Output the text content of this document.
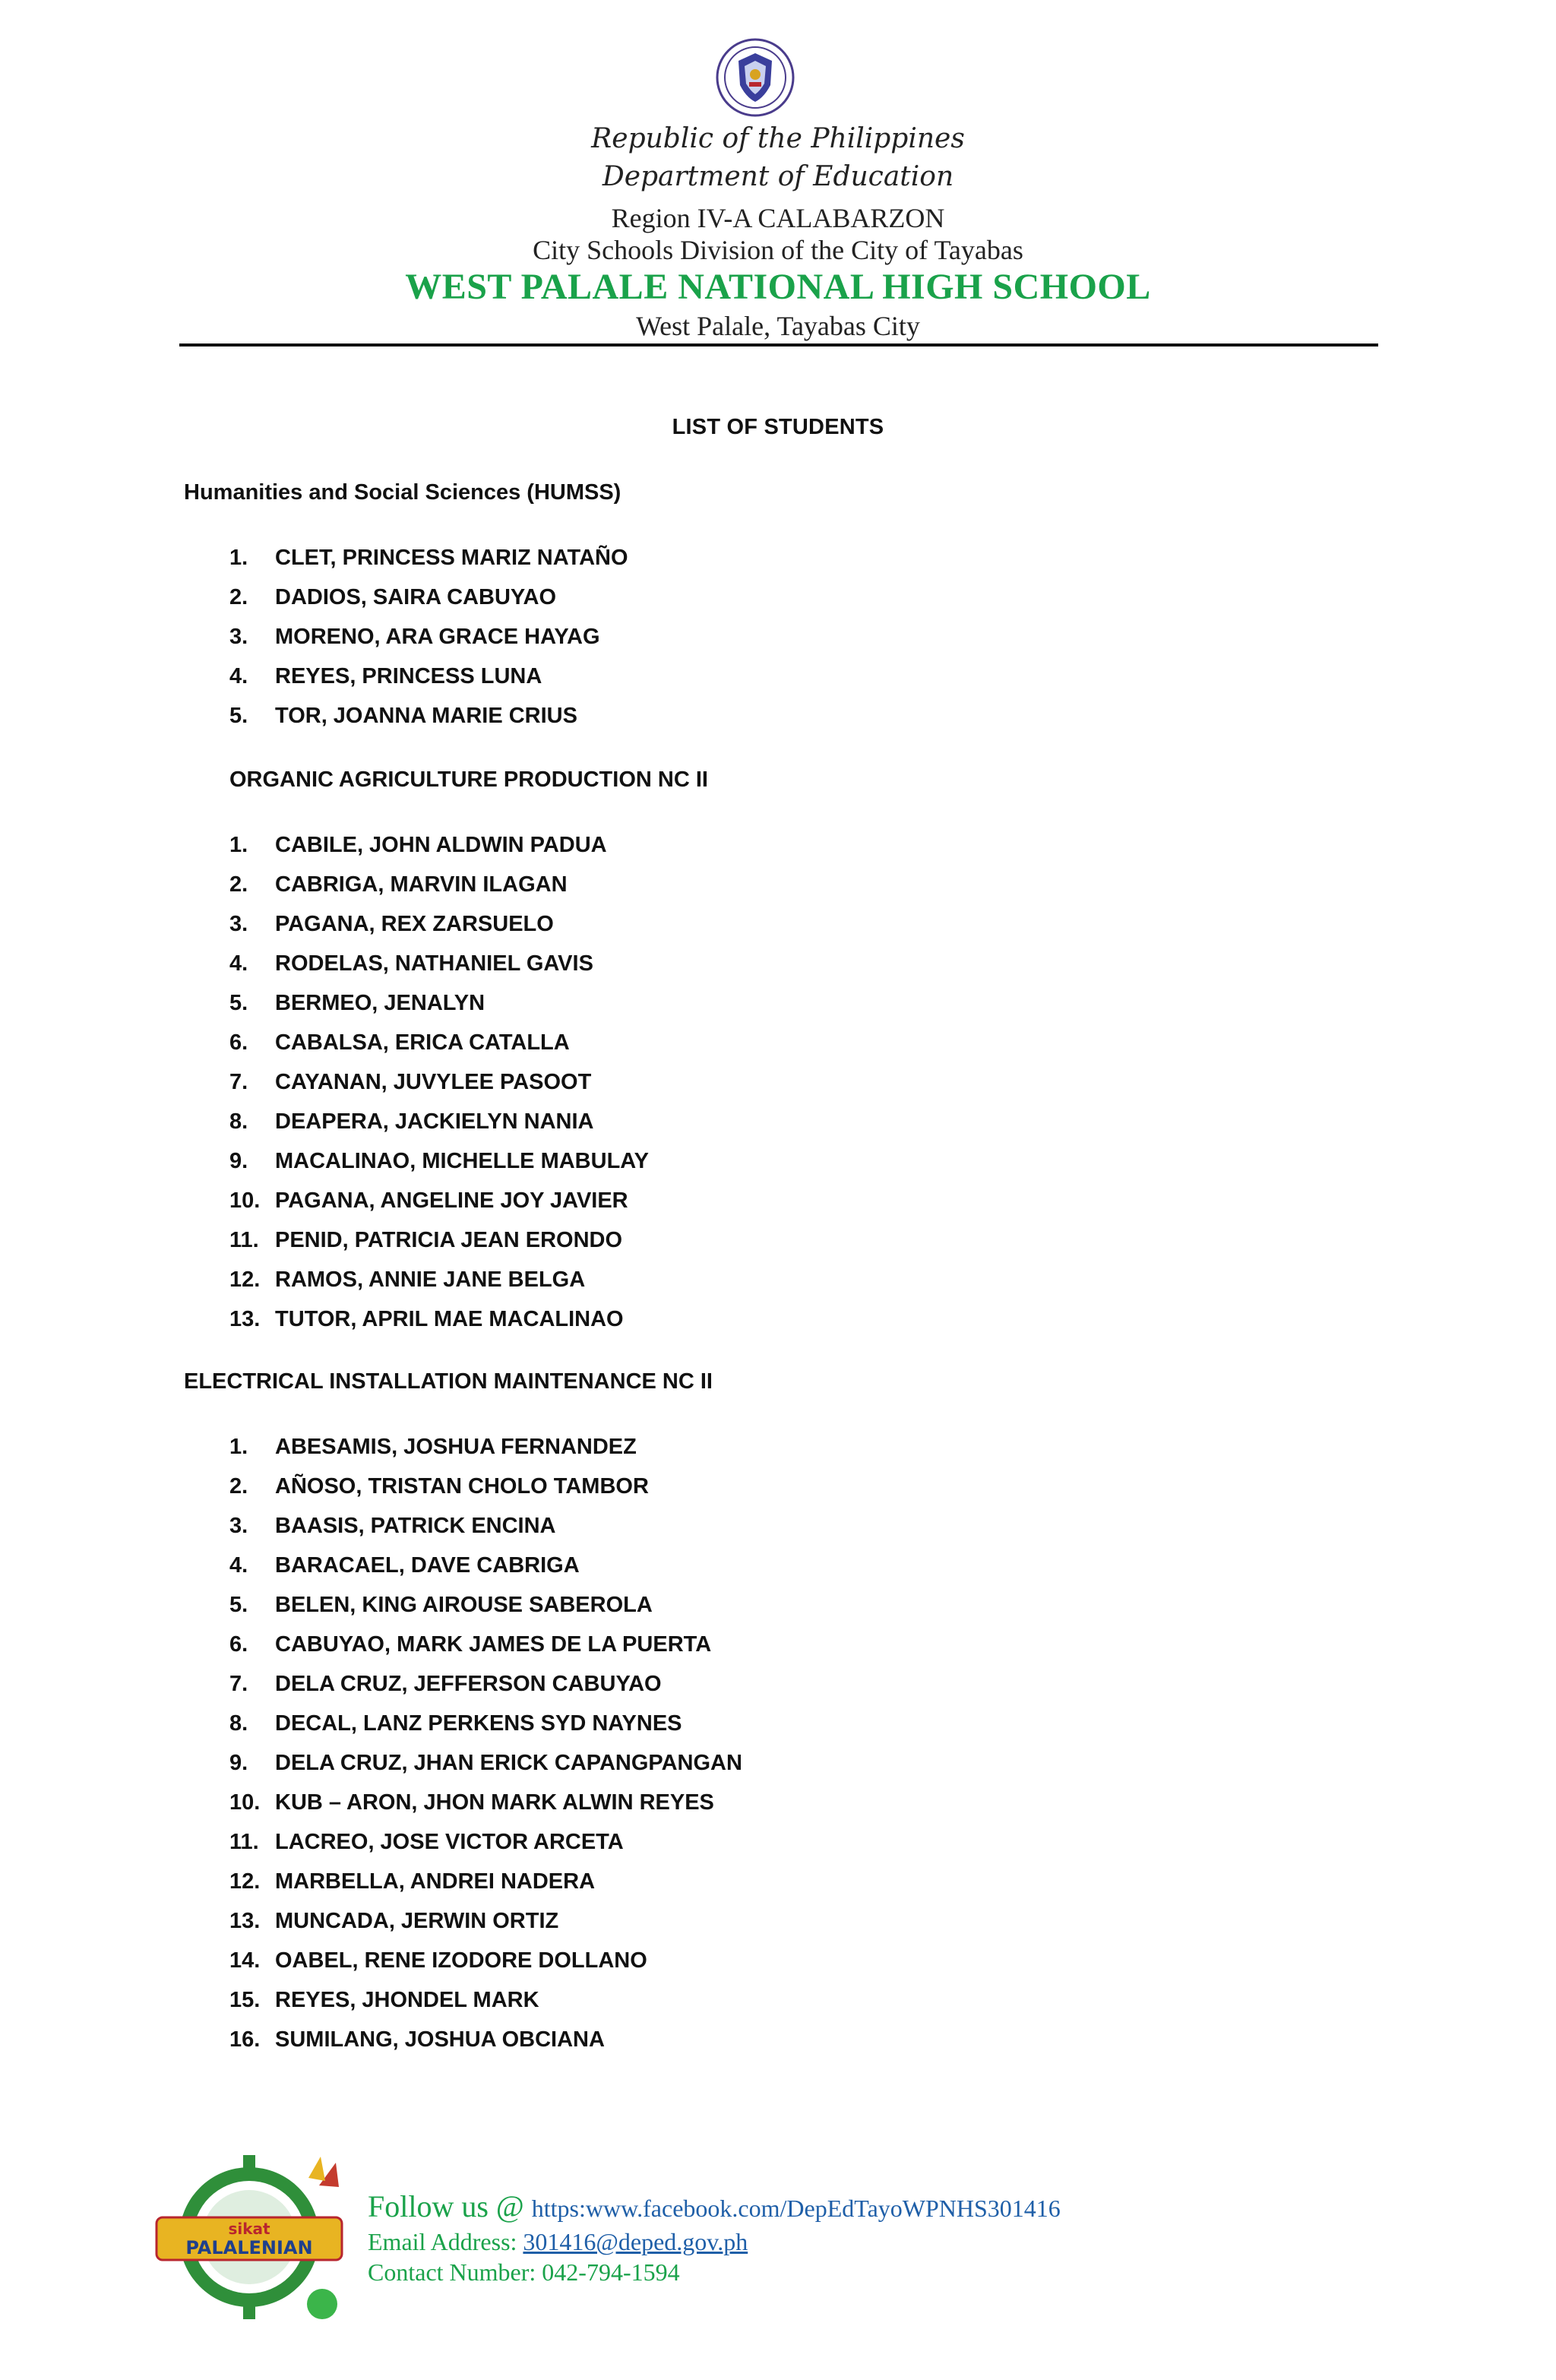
Republic of the Philippines
Department of Education
Region IV-A CALABARZON
City Schools Division of the City of Tayabas
WEST PALALE NATIONAL HIGH SCHOOL
West Palale, Tayabas City
LIST OF STUDENTS
Humanities and Social Sciences (HUMSS)
1. CLET, PRINCESS MARIZ NATAÑO
2. DADIOS, SAIRA CABUYAO
3. MORENO, ARA GRACE HAYAG
4. REYES, PRINCESS LUNA
5. TOR, JOANNA MARIE CRIUS
ORGANIC AGRICULTURE PRODUCTION NC II
1. CABILE, JOHN ALDWIN PADUA
2. CABRIGA, MARVIN ILAGAN
3. PAGANA, REX ZARSUELO
4. RODELAS, NATHANIEL GAVIS
5. BERMEO, JENALYN
6. CABALSA, ERICA CATALLA
7. CAYANAN, JUVYLEE PASOOT
8. DEAPERA, JACKIELYN NANIA
9. MACALINAO, MICHELLE MABULAY
10. PAGANA, ANGELINE JOY JAVIER
11. PENID, PATRICIA JEAN ERONDO
12. RAMOS, ANNIE JANE BELGA
13. TUTOR, APRIL MAE MACALINAO
ELECTRICAL INSTALLATION MAINTENANCE NC II
1. ABESAMIS, JOSHUA FERNANDEZ
2. AÑOSO, TRISTAN CHOLO TAMBOR
3. BAASIS, PATRICK ENCINA
4. BARACAEL, DAVE CABRIGA
5. BELEN, KING AIROUSE SABEROLA
6. CABUYAO, MARK JAMES DE LA PUERTA
7. DELA CRUZ, JEFFERSON CABUYAO
8. DECAL, LANZ PERKENS SYD NAYNES
9. DELA CRUZ, JHAN ERICK CAPANGPANGAN
10. KUB – ARON, JHON MARK ALWIN REYES
11. LACREO, JOSE VICTOR ARCETA
12. MARBELLA, ANDREI NADERA
13. MUNCADA, JERWIN ORTIZ
14. OABEL, RENE IZODORE DOLLANO
15. REYES, JHONDEL MARK
16. SUMILANG, JOSHUA OBCIANA
sikat
PALALENIAN
Follow us @ https:www.facebook.com/DepEdTayoWPNHS301416
Email Address: 301416@deped.gov.ph
Contact Number: 042-794-1594
